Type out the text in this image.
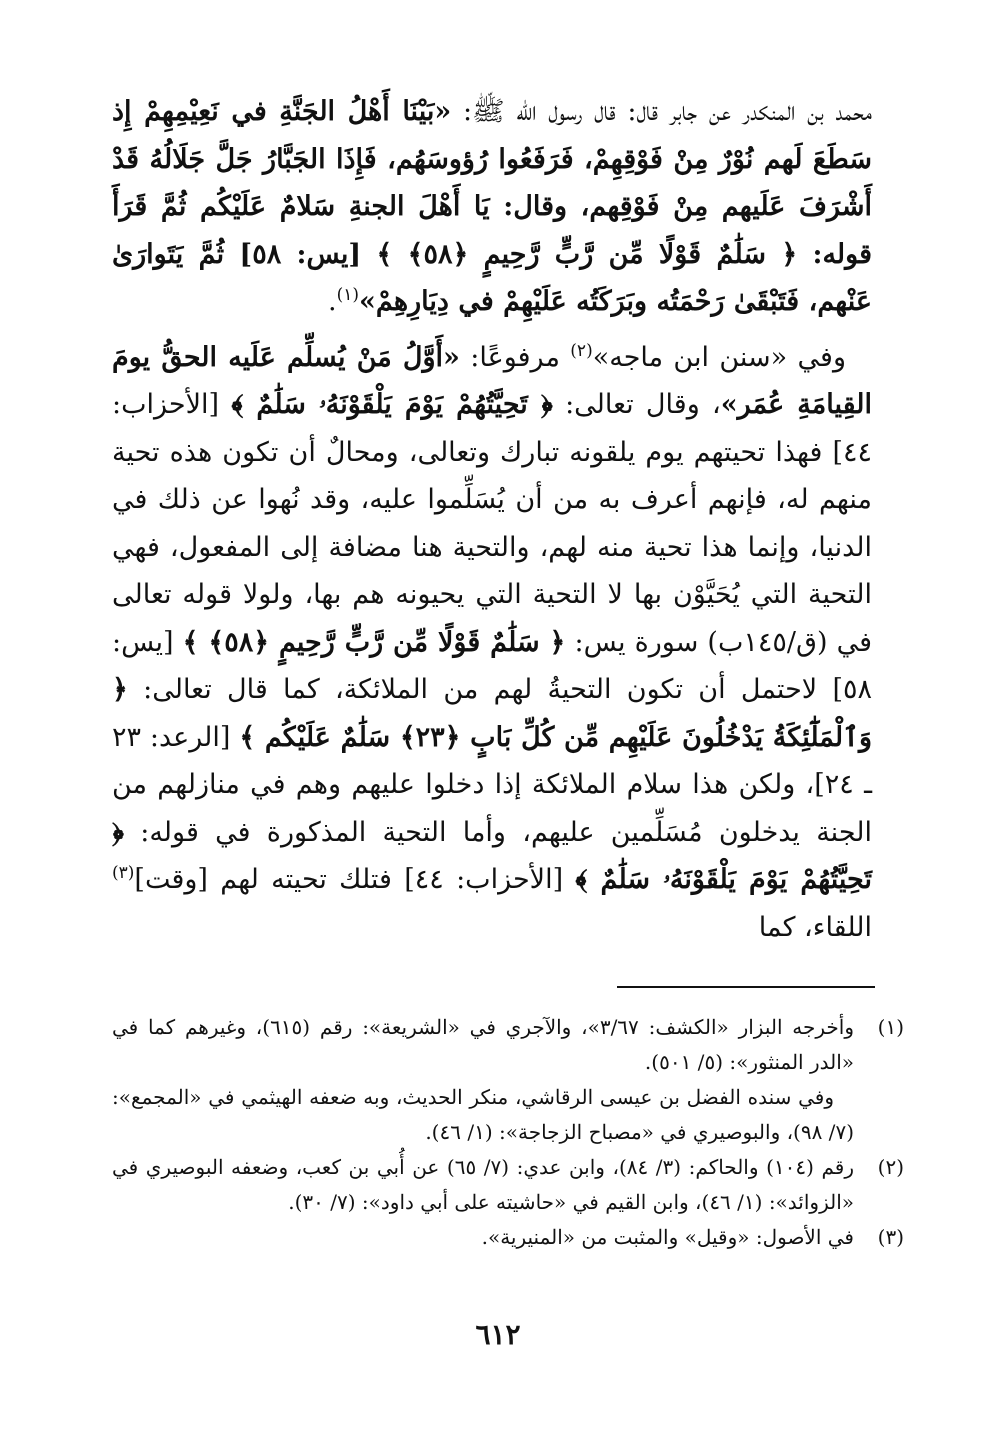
محمد بن المنكدر عن جابر قال: قال رسول الله ﷺ: «بَيْنَا أَهْلُ الجَنَّةِ في نَعِيْمِهِمْ إِذ سَطَعَ لَهم نُوْرٌ مِنْ فَوْقِهِمْ، فَرَفَعُوا رُؤوسَهُم، فَإِذَا الجَبَّارُ جَلَّ جَلَالُهُ قَدْ أَشْرَفَ عَلَيهم مِنْ فَوْقِهم، وقال: يَا أَهْلَ الجنةِ سَلامٌ عَلَيْكُم ثُمَّ قَرَأَ قوله: ﴿ سَلَٰمٌ قَوْلًا مِّن رَّبٍّ رَّحِيمٍ ﴿٥٨﴾ ﴾ [يس: ٥٨] ثُمَّ يَتَوارَىٰ عَنْهم، فَتَبْقَىٰ رَحْمَتُه وبَرَكَتُه عَلَيْهِمْ في دِيَارِهِمْ»$^{(١)}$.

وفي «سنن ابن ماجه»$^{(٢)}$ مرفوعًا: «أَوَّلُ مَنْ يُسلِّم عَلَيه الحقُّ يومَ القِيامَةِ عُمَر»، وقال تعالى: ﴿ تَحِيَّتُهُمْ يَوْمَ يَلْقَوْنَهُۥ سَلَٰمٌ ﴾ [الأحزاب: ٤٤] فهذا تحيتهم يوم يلقونه تبارك وتعالى، ومحالٌ أن تكون هذه تحية منهم له، فإنهم أعرف به من أن يُسَلِّموا عليه، وقد نُهوا عن ذلك في الدنيا، وإنما هذا تحية منه لهم، والتحية هنا مضافة إلى المفعول، فهي التحية التي يُحَيَّوْن بها لا التحية التي يحيونه هم بها، ولولا قوله تعالى في (ق/١٤٥ب) سورة يس: ﴿ سَلَٰمٌ قَوْلًا مِّن رَّبٍّ رَّحِيمٍ ﴿٥٨﴾ ﴾ [يس: ٥٨] لاحتمل أن تكون التحيةُ لهم من الملائكة، كما قال تعالى: ﴿ وَٱلْمَلَٰٓئِكَةُ يَدْخُلُونَ عَلَيْهِم مِّن كُلِّ بَابٍ ﴿٢٣﴾ سَلَٰمٌ عَلَيْكُم ﴾ [الرعد: ٢٣ ـ ٢٤]، ولكن هذا سلام الملائكة إذا دخلوا عليهم وهم في منازلهم من الجنة يدخلون مُسَلِّمين عليهم، وأما التحية المذكورة في قوله: ﴿ تَحِيَّتُهُمْ يَوْمَ يَلْقَوْنَهُۥ سَلَٰمٌ ﴾ [الأحزاب: ٤٤] فتلك تحيته لهم [وقت]$^{(٣)}$ اللقاء، كما

(١)
وأخرجه البزار «الكشف: ٣/٦٧»، والآجري في «الشريعة»: رقم (٦١٥)، وغيرهم كما في «الدر المنثور»: (٥/ ٥٠١).
وفي سنده الفضل بن عيسى الرقاشي، منكر الحديث، وبه ضعفه الهيثمي في «المجمع»: (٧/ ٩٨)، والبوصيري في «مصباح الزجاجة»: (١/ ٤٦).
(٢)
رقم (١٠٤) والحاكم: (٣/ ٨٤)، وابن عدي: (٧/ ٦٥) عن أُبي بن كعب، وضعفه البوصيري في «الزوائد»: (١/ ٤٦)، وابن القيم في «حاشيته على أبي داود»: (٧/ ٣٠).
(٣)
في الأصول: «وقيل» والمثبت من «المنيرية».
٦١٢
